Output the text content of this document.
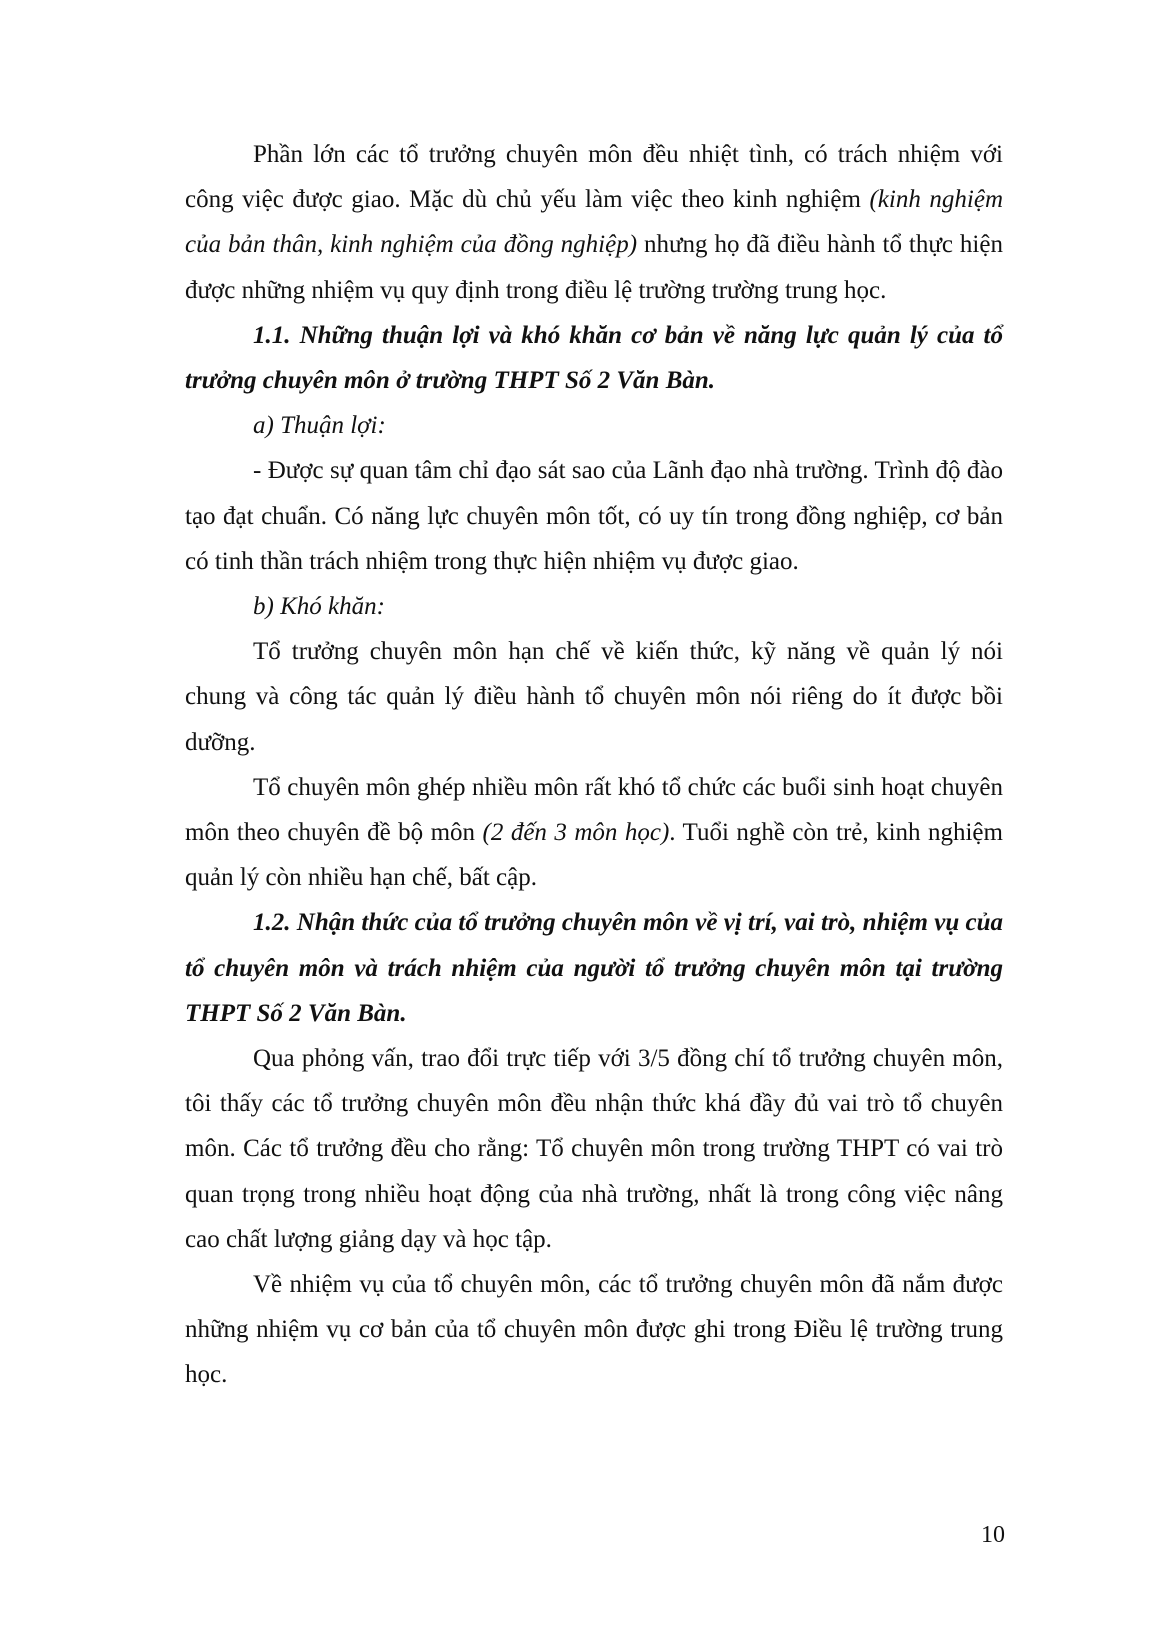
Phần lớn các tổ trưởng chuyên môn đều nhiệt tình, có trách nhiệm với công việc được giao. Mặc dù chủ yếu làm việc theo kinh nghiệm (kinh nghiệm của bản thân, kinh nghiệm của đồng nghiệp) nhưng họ đã điều hành tổ thực hiện được những nhiệm vụ quy định trong điều lệ trường trường trung học.

1.1. Những thuận lợi và khó khăn cơ bản về năng lực quản lý của tổ trưởng chuyên môn ở trường THPT Số 2 Văn Bàn.

a) Thuận lợi:

- Được sự quan tâm chỉ đạo sát sao của Lãnh đạo nhà trường. Trình độ đào tạo đạt chuẩn. Có năng lực chuyên môn tốt, có uy tín trong đồng nghiệp, cơ bản có tinh thần trách nhiệm trong thực hiện nhiệm vụ được giao.

b) Khó khăn:

Tổ trưởng chuyên môn hạn chế về kiến thức, kỹ năng về quản lý nói chung và công tác quản lý điều hành tổ chuyên môn nói riêng do ít được bồi dưỡng.

Tổ chuyên môn ghép nhiều môn rất khó tổ chức các buổi sinh hoạt chuyên môn theo chuyên đề bộ môn (2 đến 3 môn học). Tuổi nghề còn trẻ, kinh nghiệm quản lý còn nhiều hạn chế, bất cập.

1.2. Nhận thức của tổ trưởng chuyên môn về vị trí, vai trò, nhiệm vụ của tổ chuyên môn và trách nhiệm của người tổ trưởng chuyên môn tại trường THPT Số 2 Văn Bàn.

Qua phỏng vấn, trao đổi trực tiếp với 3/5 đồng chí tổ trưởng chuyên môn, tôi thấy các tổ trưởng chuyên môn đều nhận thức khá đầy đủ vai trò tổ chuyên môn. Các tổ trưởng đều cho rằng: Tổ chuyên môn trong trường THPT có vai trò quan trọng trong nhiều hoạt động của nhà trường, nhất là trong công việc nâng cao chất lượng giảng dạy và học tập.

Về nhiệm vụ của tổ chuyên môn, các tổ trưởng chuyên môn đã nắm được những nhiệm vụ cơ bản của tổ chuyên môn được ghi trong Điều lệ trường trung học.

10
